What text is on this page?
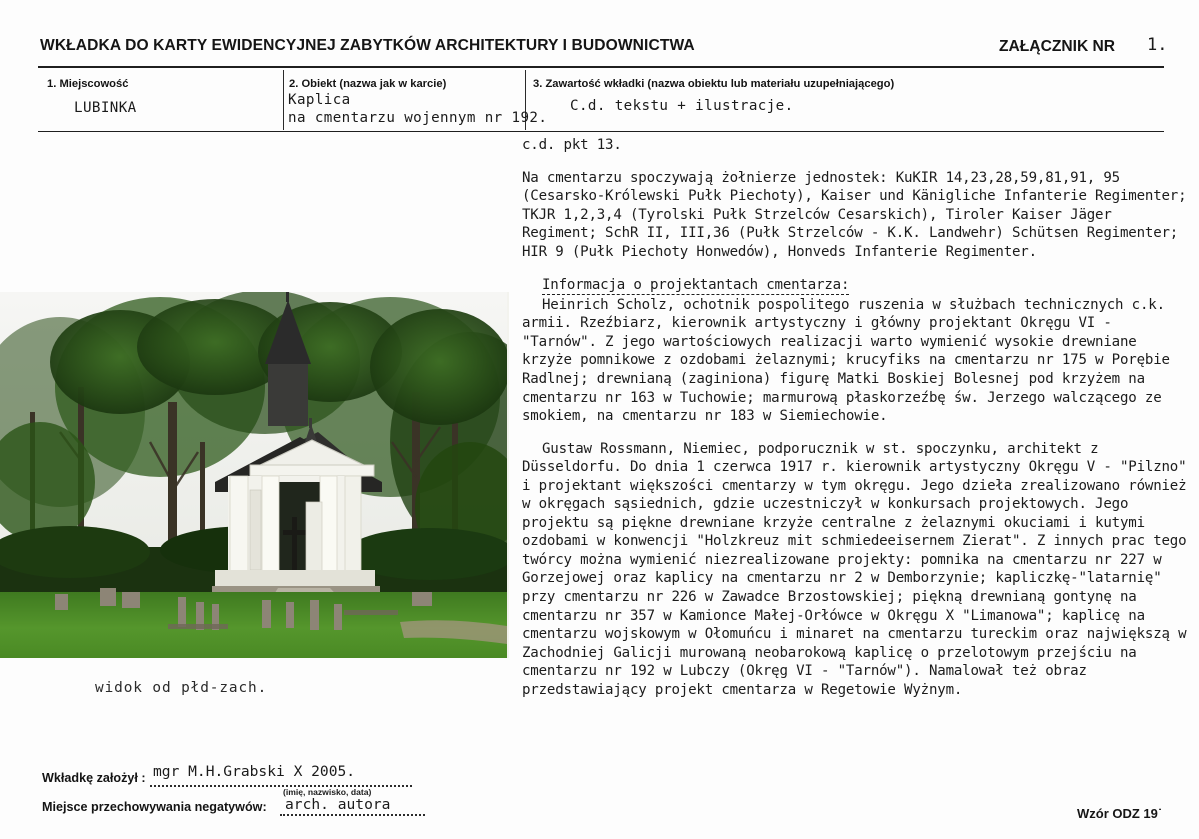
WKŁADKA DO KARTY EWIDENCYJNEJ ZABYTKÓW ARCHITEKTURY I BUDOWNICTWA	ZAŁĄCZNIK NR 1.
1. Miejscowość
LUBINKA
2. Obiekt (nazwa jak w karcie)
Kaplica
na cmentarzu wojennym nr 192.
3. Zawartość wkładki (nazwa obiektu lub materiału uzupełniającego)
C.d. tekstu + ilustracje.

c.d. pkt 13.

Na cmentarzu spoczywają żołnierze jednostek: KuKIR 14,23,28,59,81,91, 95 (Cesarsko-Królewski Pułk Piechoty), Kaiser und Känigliche Infanterie Regimenter; TKJR 1,2,3,4 (Tyrolski Pułk Strzelców Cesarskich), Tiroler Kaiser Jäger Regiment; SchR II, III,36 (Pułk Strzelców - K.K. Landwehr) Schütsen Regimenter; HIR 9 (Pułk Piechoty Honwedów), Honveds Infanterie Regimenter.

Informacja o projektantach cmentarza:

Heinrich Scholz, ochotnik pospolitego ruszenia w służbach technicznych c.k. armii. Rzeźbiarz, kierownik artystyczny i główny projektant Okręgu VI - "Tarnów". Z jego wartościowych realizacji warto wymienić wysokie drewniane krzyże pomnikowe z ozdobami żelaznymi; krucyfiks na cmentarzu nr 175 w Porębie Radlnej; drewnianą (zaginiona) figurę Matki Boskiej Bolesnej pod krzyżem na cmentarzu nr 163 w Tuchowie; marmurową płaskorzeźbę św. Jerzego walczącego ze smokiem, na cmentarzu nr 183 w Siemiechowie.

Gustaw Rossmann, Niemiec, podporucznik w st. spoczynku, architekt z Düsseldorfu. Do dnia 1 czerwca 1917 r. kierownik artystyczny Okręgu V - "Pilzno" i projektant większości cmentarzy w tym okręgu. Jego dzieła zrealizowano również w okręgach sąsiednich, gdzie uczestniczył w konkursach projektowych. Jego projektu są piękne drewniane krzyże centralne z żelaznymi okuciami i kutymi ozdobami w konwencji "Holzkreuz mit schmiedeeisernem Zierat". Z innych prac tego twórcy można wymienić niezrealizowane projekty: pomnika na cmentarzu nr 227 w Gorzejowej oraz kaplicy na cmentarzu nr 2 w Demborzynie; kapliczkę-"latarnię" przy cmentarzu nr 226 w Zawadce Brzostowskiej; piękną drewnianą gontynę na cmentarzu nr 357 w Kamionce Małej-Orłówce w Okręgu X "Limanowa"; kaplicę na cmentarzu wojskowym w Ołomuńcu i minaret na cmentarzu tureckim oraz największą w Zachodniej Galicji murowaną neobarokową kaplicę o przelotowym przejściu na cmentarzu nr 192 w Lubczy (Okręg VI - "Tarnów"). Namalował też obraz przedstawiający projekt cmentarza w Regetowie Wyżnym.

widok od płd-zach.
Wkładkę założył : mgr M.H.Grabski X 2005.
(imię, nazwisko, data)
Miejsce przechowywania negatywów: arch. autora
Wzór ODZ 19˙
